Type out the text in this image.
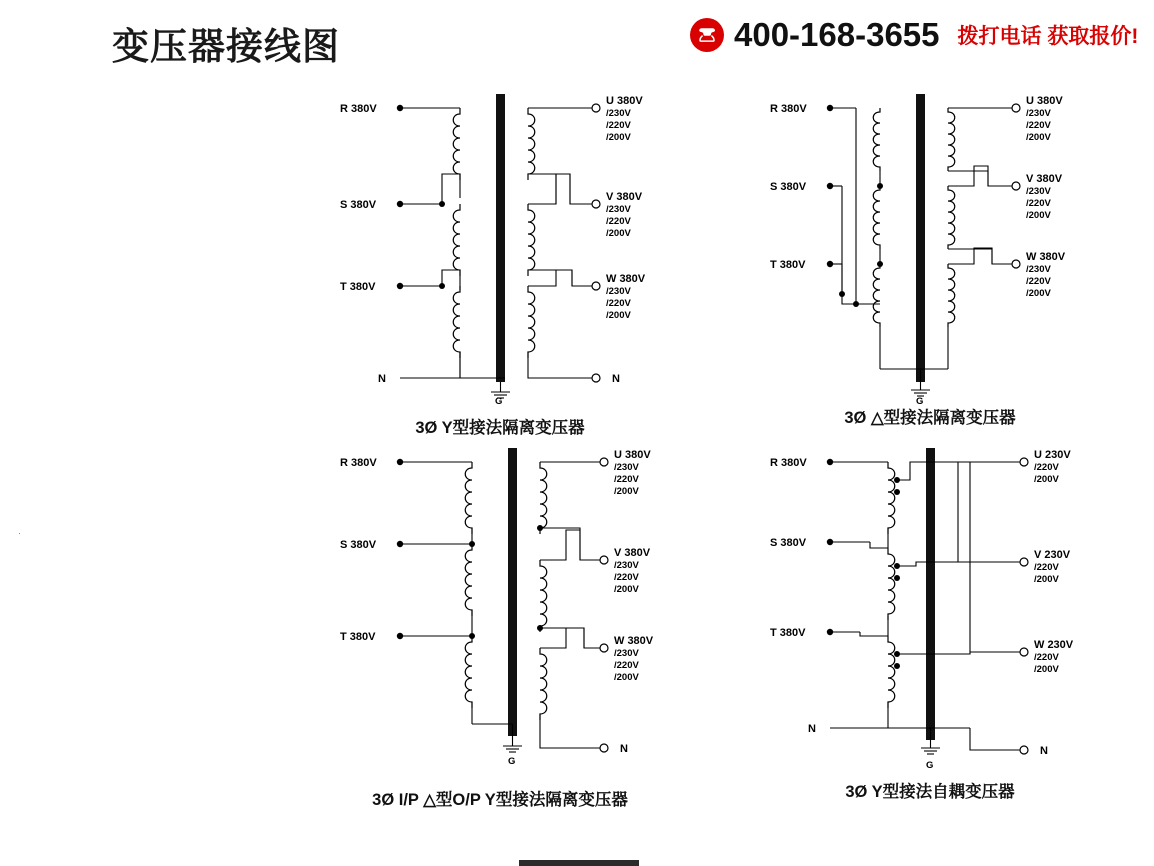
变压器接线图	400-168-3655 拨打电话 获取报价!
·
R 380V
S 380V
T 380V
N
G
U 380V
/230V
/220V
/200V
V 380V
/230V
/220V
/200V
W 380V
/230V
/220V
/200V
N
3Ø Y型接法隔离变压器
R 380V
S 380V
T 380V
G
U 380V
/230V
/220V
/200V
V 380V
/230V
/220V
/200V
W 380V
/230V
/220V
/200V
3Ø △型接法隔离变压器
R 380V
S 380V
T 380V
G
U 380V
/230V
/220V
/200V
V 380V
/230V
/220V
/200V
W 380V
/230V
/220V
/200V
N
3Ø I/P △型O/P Y型接法隔离变压器
R 380V
S 380V
T 380V
N
G
U 230V
/220V
/200V
V 230V
/220V
/200V
W 230V
/220V
/200V
N
3Ø Y型接法自耦变压器
